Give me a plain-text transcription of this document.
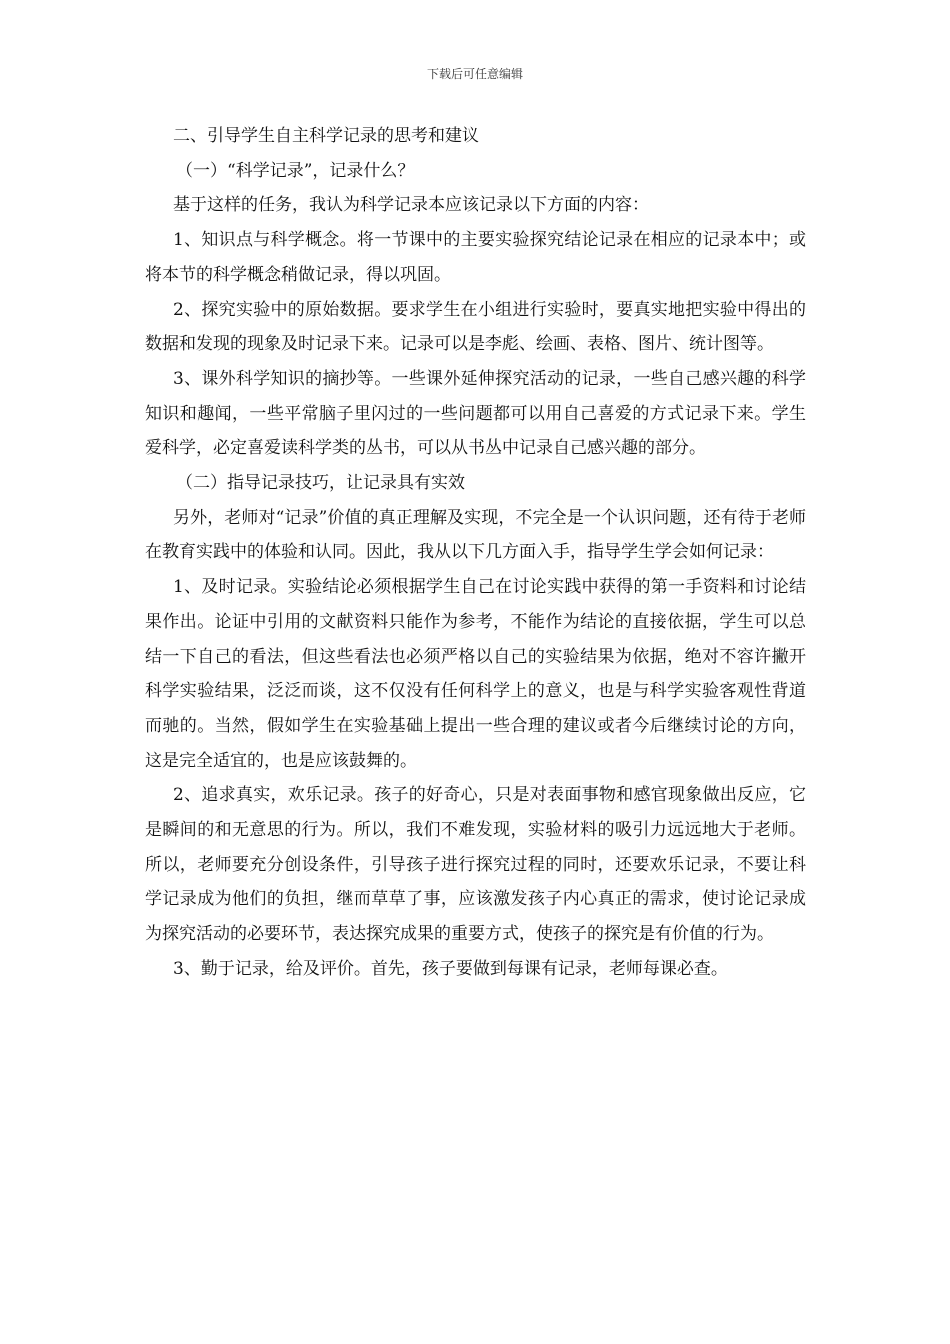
下载后可任意编辑

二、引导学生自主科学记录的思考和建议

（一）“科学记录”，记录什么？

基于这样的任务，我认为科学记录本应该记录以下方面的内容：

1、知识点与科学概念。将一节课中的主要实验探究结论记录在相应的记录本中；或将本节的科学概念稍做记录，得以巩固。

2、探究实验中的原始数据。要求学生在小组进行实验时，要真实地把实验中得出的数据和发现的现象及时记录下来。记录可以是李彪、绘画、表格、图片、统计图等。

3、课外科学知识的摘抄等。一些课外延伸探究活动的记录，一些自己感兴趣的科学知识和趣闻，一些平常脑子里闪过的一些问题都可以用自己喜爱的方式记录下来。学生爱科学，必定喜爱读科学类的丛书，可以从书丛中记录自己感兴趣的部分。

（二）指导记录技巧，让记录具有实效

另外，老师对“记录”价值的真正理解及实现，不完全是一个认识问题，还有待于老师在教育实践中的体验和认同。因此，我从以下几方面入手，指导学生学会如何记录：

1、及时记录。实验结论必须根据学生自己在讨论实践中获得的第一手资料和讨论结果作出。论证中引用的文献资料只能作为参考，不能作为结论的直接依据，学生可以总结一下自己的看法，但这些看法也必须严格以自己的实验结果为依据，绝对不容许撇开科学实验结果，泛泛而谈，这不仅没有任何科学上的意义，也是与科学实验客观性背道而驰的。当然，假如学生在实验基础上提出一些合理的建议或者今后继续讨论的方向，这是完全适宜的，也是应该鼓舞的。

2、追求真实，欢乐记录。孩子的好奇心，只是对表面事物和感官现象做出反应，它是瞬间的和无意思的行为。所以，我们不难发现，实验材料的吸引力远远地大于老师。所以，老师要充分创设条件，引导孩子进行探究过程的同时，还要欢乐记录，不要让科学记录成为他们的负担，继而草草了事，应该激发孩子内心真正的需求，使讨论记录成为探究活动的必要环节，表达探究成果的重要方式，使孩子的探究是有价值的行为。

3、勤于记录，给及评价。首先，孩子要做到每课有记录，老师每课必查。
